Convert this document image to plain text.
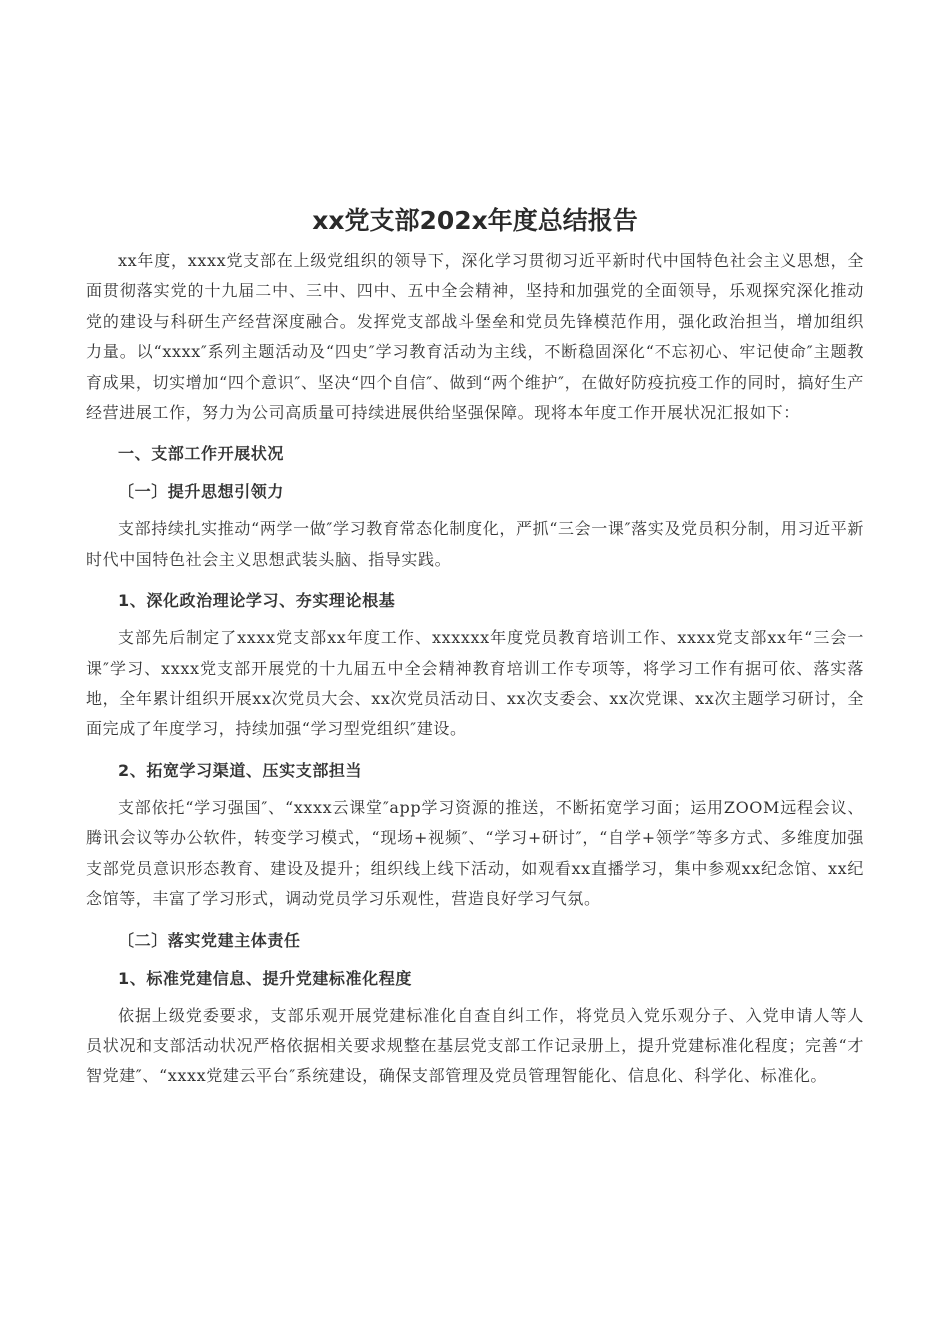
xx党支部202x年度总结报告

xx年度，xxxx党支部在上级党组织的领导下，深化学习贯彻习近平新时代中国特色社会主义思想，全面贯彻落实党的十九届二中、三中、四中、五中全会精神，坚持和加强党的全面领导，乐观探究深化推动党的建设与科研生产经营深度融合。发挥党支部战斗堡垒和党员先锋模范作用，强化政治担当，增加组织力量。以“xxxx″系列主题活动及“四史″学习教育活动为主线，不断稳固深化“不忘初心、牢记使命″主题教育成果，切实增加“四个意识″、坚决“四个自信″、做到“两个维护″，在做好防疫抗疫工作的同时，搞好生产经营进展工作，努力为公司高质量可持续进展供给坚强保障。现将本年度工作开展状况汇报如下：

一、支部工作开展状况
〔一〕提升思想引领力

支部持续扎实推动“两学一做″学习教育常态化制度化，严抓“三会一课″落实及党员积分制，用习近平新时代中国特色社会主义思想武装头脑、指导实践。

1、深化政治理论学习、夯实理论根基

支部先后制定了xxxx党支部xx年度工作、xxxxxx年度党员教育培训工作、xxxx党支部xx年“三会一课″学习、xxxx党支部开展党的十九届五中全会精神教育培训工作专项等，将学习工作有据可依、落实落地，全年累计组织开展xx次党员大会、xx次党员活动日、xx次支委会、xx次党课、xx次主题学习研讨，全面完成了年度学习，持续加强“学习型党组织″建设。

2、拓宽学习渠道、压实支部担当

支部依托“学习强国″、“xxxx云课堂″app学习资源的推送，不断拓宽学习面；运用ZOOM远程会议、腾讯会议等办公软件，转变学习模式，“现场+视频″、“学习+研讨″，“自学+领学″等多方式、多维度加强支部党员意识形态教育、建设及提升；组织线上线下活动，如观看xx直播学习，集中参观xx纪念馆、xx纪念馆等，丰富了学习形式，调动党员学习乐观性，营造良好学习气氛。

〔二〕落实党建主体责任
1、标准党建信息、提升党建标准化程度

依据上级党委要求，支部乐观开展党建标准化自查自纠工作，将党员入党乐观分子、入党申请人等人员状况和支部活动状况严格依据相关要求规整在基层党支部工作记录册上，提升党建标准化程度；完善“才智党建″、“xxxx党建云平台″系统建设，确保支部管理及党员管理智能化、信息化、科学化、标准化。
